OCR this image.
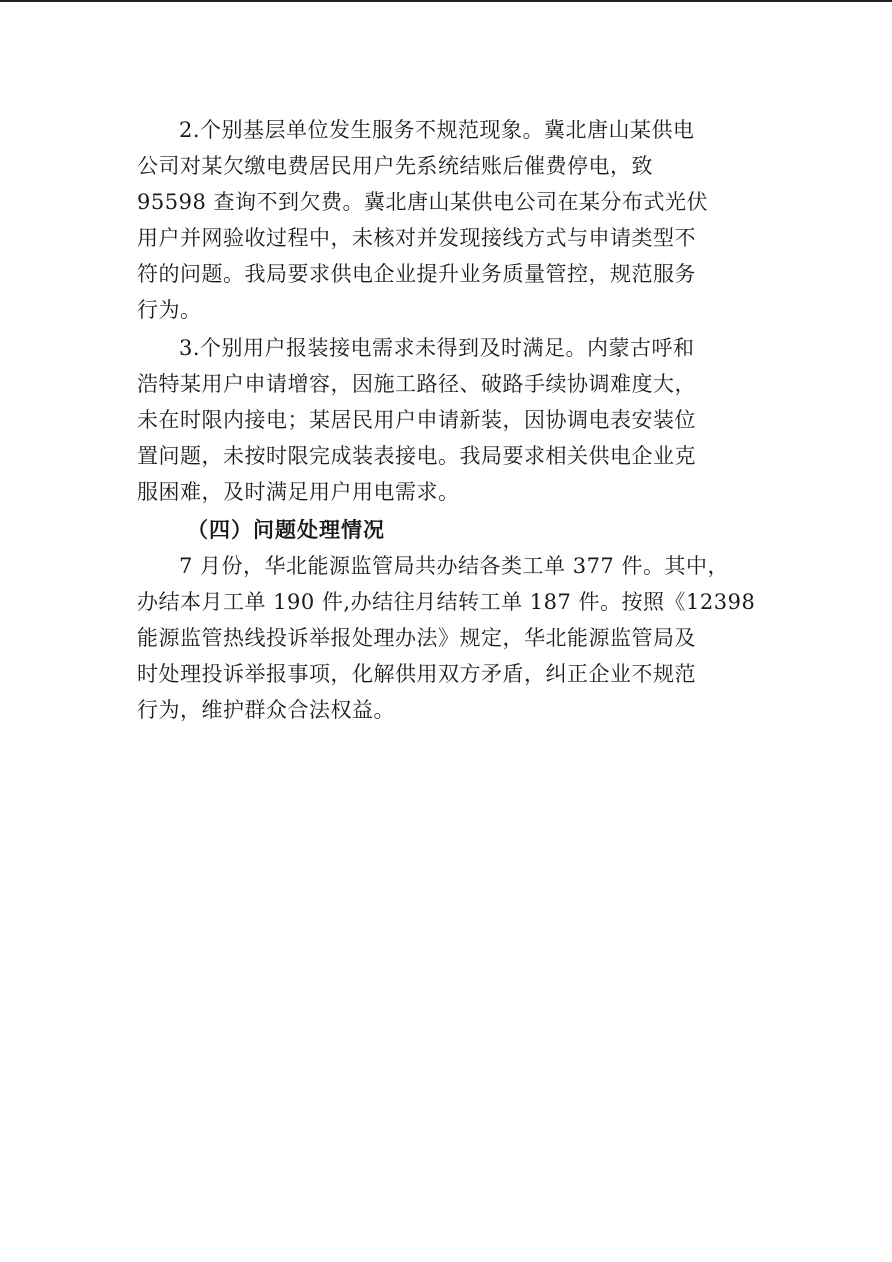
2.个别基层单位发生服务不规范现象。冀北唐山某供电
公司对某欠缴电费居民用户先系统结账后催费停电，致
95598 查询不到欠费。冀北唐山某供电公司在某分布式光伏
用户并网验收过程中，未核对并发现接线方式与申请类型不
符的问题。我局要求供电企业提升业务质量管控，规范服务
行为。
3.个别用户报装接电需求未得到及时满足。内蒙古呼和
浩特某用户申请增容，因施工路径、破路手续协调难度大，
未在时限内接电；某居民用户申请新装，因协调电表安装位
置问题，未按时限完成装表接电。我局要求相关供电企业克
服困难，及时满足用户用电需求。
（四）问题处理情况
7 月份，华北能源监管局共办结各类工单 377 件。其中，
办结本月工单 190 件,办结往月结转工单 187 件。按照《12398
能源监管热线投诉举报处理办法》规定，华北能源监管局及
时处理投诉举报事项，化解供用双方矛盾，纠正企业不规范
行为，维护群众合法权益。
